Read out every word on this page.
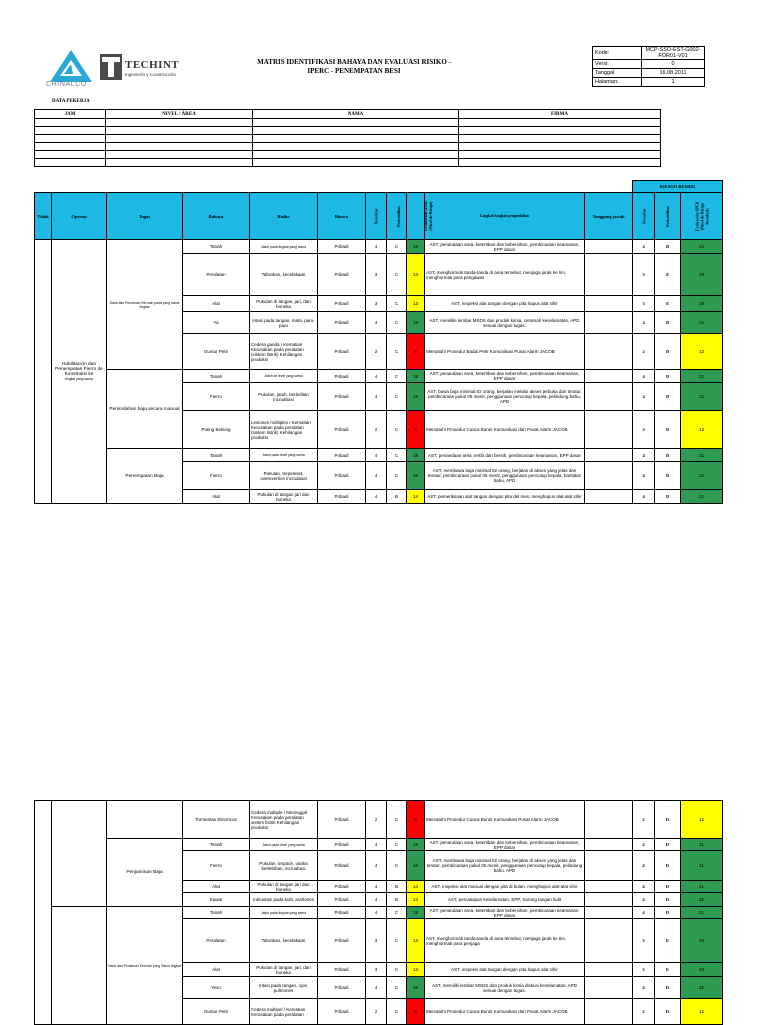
CHINALCO
TECHINT
Ingeniería y Construcción
MATRIS IDENTIFIKASI BAHAYA DAN EVALUASI RISIKO -
IPERC - PENEMPATAN BESI
Kode:	MCP-SSO-EST-G002-FOR01-V01
Versi:	0
Tanggal	16.08.2011
Halaman:	1
DATA PEKERJA
JAM	NIVEL / ÁREA	NAMA	FIRMA

											RIESGO RESIDU		
Tidak	Operasi	Tugas	Bahaya	Risiko	Blanco	Severitas	Probabilitas	Evaluación IPER (Nivel de Riesgo)	Langkah-langkah pengendalian	Tanggung jawab	Severitas	Probabilitas	Evaluación IPER (Nivel de Riesgo Residual)

	Habilitación dan Penempatan Fierro de Konstruksi ke
tingkat yang sama	Daris dan Pemainan Kerroah pada yang sama tingkat	Tanah	Jatuh pada tingkat yang sama	Pribadi	4	C	18	AST, penandaan area, ketertiban dan kebersihan, pembicaraan keamanan, EPP dasar		4	D	21
			Peralatan	Tabrakan, kecelakaan	Pribadi	3	C	13	AST, menghormati tanda-tanda di area tersebut, menjaga jarak ke tim, menghormati para pengawas		3	E	20
			Alat	Pukulan di tangan, jari, dan boneka	Pribadi	3	C	13	AST, inspeksi alat tangan dengan pita hapus alat sihir		3	E	20
			Ya	Iritasi pada tangan, mata, paru-paru	Pribadi	4	C	18	AST, memiliki lembar MSDS dan produk kimia, ceramah keselamatan, APD sesuai dengan tugas.		4	D	21
			Guntur Petir	Cedera ganda / Kematian Kerusakan pada peralatan (sistem listrik) Kehilangan produksi	Pribadi	2	C	8	Mematuhi Prosedur Badai Petir Komunikasi Pusat Alarm JACOB		2	D	12
		Pemindahan baja secara manual	Tanah	Jatuh ke level yang sama	Pribadi	4	C	18	AST, penandaan area, ketertiban dan kebersihan, pembicaraan keamanan, EPP dasar		4	D	21
			Fierro	Pukulan, jatuh, berbelitan incruabasi	Pribadi	4	C	18	AST, bawa baja minimal 02 orang, berjalan melalui akses terbuka dan teratur, pembicaraan pukul 05 menit, penggunaan pencutup kepala, pelindung bahu, APD		4	D	21
			Puting Beliung	Lesiones múltiples / Kematian Kerusakan pada peralatan (sistem listrik) Kehilangan produksi	Pribadi	2	C	8	Mematuhi Prosedur Cuaca Buruk Komunikasi dari Pusat Alarm JACOB		2	D	12
		Penempatan Baja	Tanah	Jatuh pada level yang sama	Pribadi	4	C	18	AST, penandaan area, tertib dan bersih, pembicaraan keamanan, EPP dasar		4	D	21
			Fierro	Pukulan, terpeleset, overexertion incruabasi	Pribadi	4	C	18	AST, membawa baja minimal 02 orang, berjalan di akses yang jelas dan teratur, pembicaraan pukul 05 menit, penggunaan pencutup kepala, bantalan bahu, APD		4	D	21
			Alat	Pukulan di tangan jari dan boneka	Pribadi	4	B	14	AST, pemeriksaan alat tangan dengan pita del mes, menghapus alat-alat sihir		4	D	21
			Tormentas Eléctricas	Cedera multiple / Meninggal Kerusakan pada peralatan sistem listrik Kehilangan produksi	Pribadi	2	C	8	Mematuhi Prosedur Cuaca Buruk Komunikasi Pusat Alarm JACOB		2	D	12
		Penjaminan Baja	Tanah	Jatuh pada level yang sama	Pribadi	4	C	18	AST, penandaan area, ketertiban dan kebersihan, pembicaraan keamanan, EPP dasar		4	D	21
			Fierro	Pukulan, terjatuh, usaha berlebihan, incruabasi	Pribadi	4	C	18	AST, membawa baja minimal 02 orang, berjalan di akses yang jelas dan teratur, pembicaraan pukul 05 menit, penggunaan pencutup kepala, pelindung bahu, APD		4	D	21
			Alat	Pukulan di tangan jari dan boneka	Pribadi	4	B	14	AST, inspeksi alat manual dengan pita di bulan, menghapus alat-alat sihir		4	D	21
			Kawat	Inkrustasi pada kulit, arañones	Pribadi	4	B	14	AST, percakapan keselamatan, EPP, Sarung tangan kulit		4	D	21
		Daris dan Pemainan Kerroah yang Sama tingkat	Tanah	Jatuh pada tingkat yang sama	Pribadi	4	C	18	AST, penandaan area, ketertiban dan kebersihan, pembicaraan keamanan, EPP dasar		4	D	21
			Peralatan	Tabrakan, kecelakaan	Pribadi	3	C	13	AST, menghormati tanda-tanda di area tersebut, menjaga jarak ke tim, menghormati para penjaga		3	E	20
			Alat	Pukulan di tangan, jari, dan boneka	Pribadi	3	C	13	AST, inspeksi alat tangan dengan pita hapus alat sihir		3	E	20
			Yeso	Iritasi pada tangan, ojos, pulmones	Pribadi	4	C	18	AST, memiliki lembar MSDS dan produk kimia diskusi keselamatan, APD sesuai dengan tugas.		4	D	21
			Guntur Petir	Cedera multipel / Kematian Kerusakan pada peralatan	Pribadi	2	C	8	Mematuhi Prosedur Cuaca Buruk Komunikasi dari Pusat Alarm JACOB		2	D	12
